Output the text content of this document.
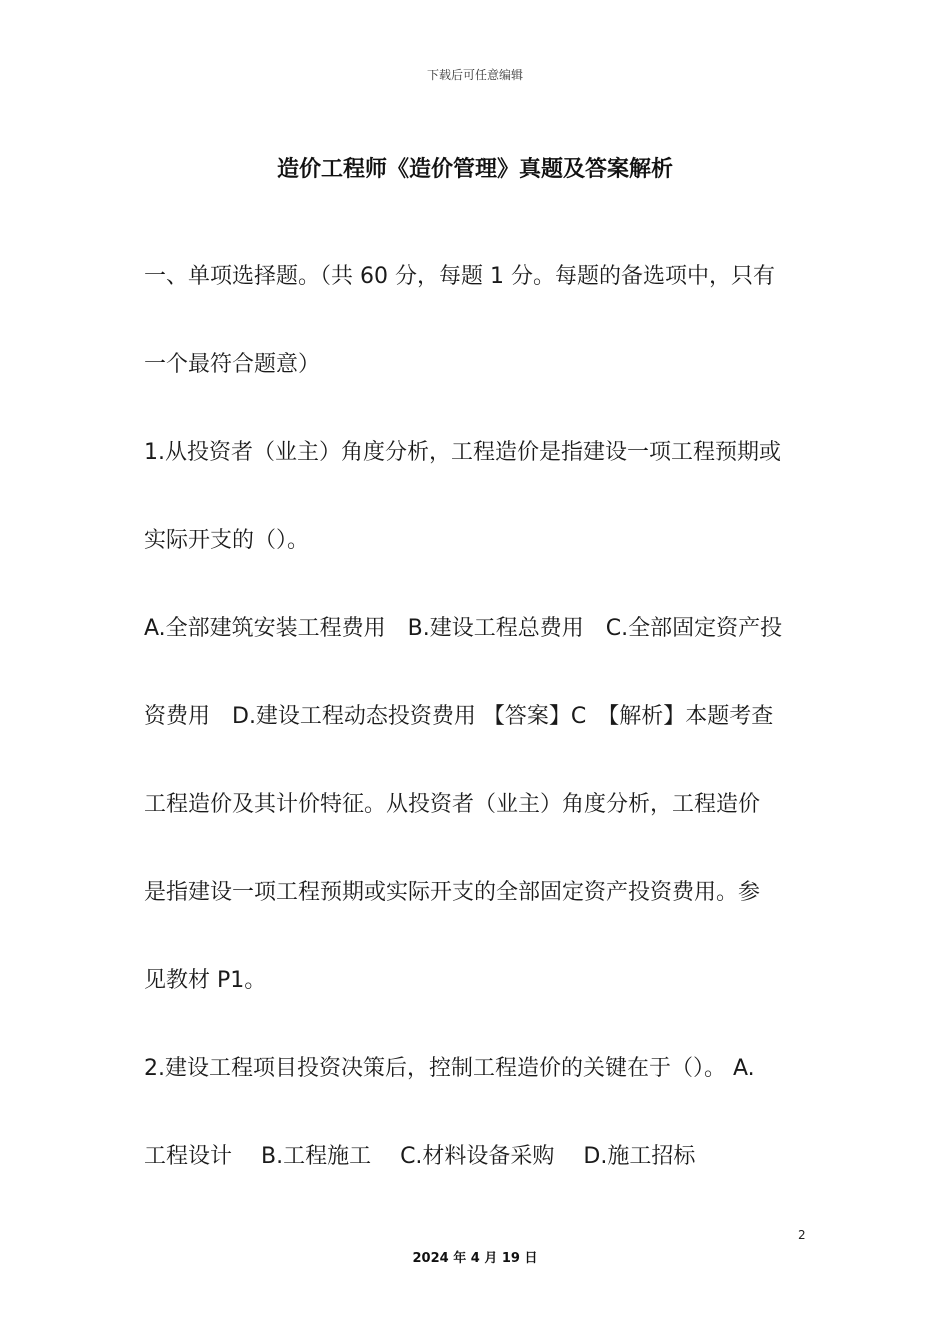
下载后可任意编辑
造价工程师《造价管理》真题及答案解析
一、单项选择题。（共 60 分，每题 1 分。每题的备选项中，只有
一个最符合题意）
1.从投资者（业主）角度分析，工程造价是指建设一项工程预期或
实际开支的（）。
A.全部建筑安装工程费用　B.建设工程总费用　C.全部固定资产投
资费用　D.建设工程动态投资费用 【答案】C　【解析】本题考查
工程造价及其计价特征。从投资者（业主）角度分析，工程造价
是指建设一项工程预期或实际开支的全部固定资产投资费用。参
见教材 P1。
2.建设工程项目投资决策后，控制工程造价的关键在于（）。 A.
工程设计　 B.工程施工　 C.材料设备采购　 D.施工招标
2
2024 年 4 月 19 日
